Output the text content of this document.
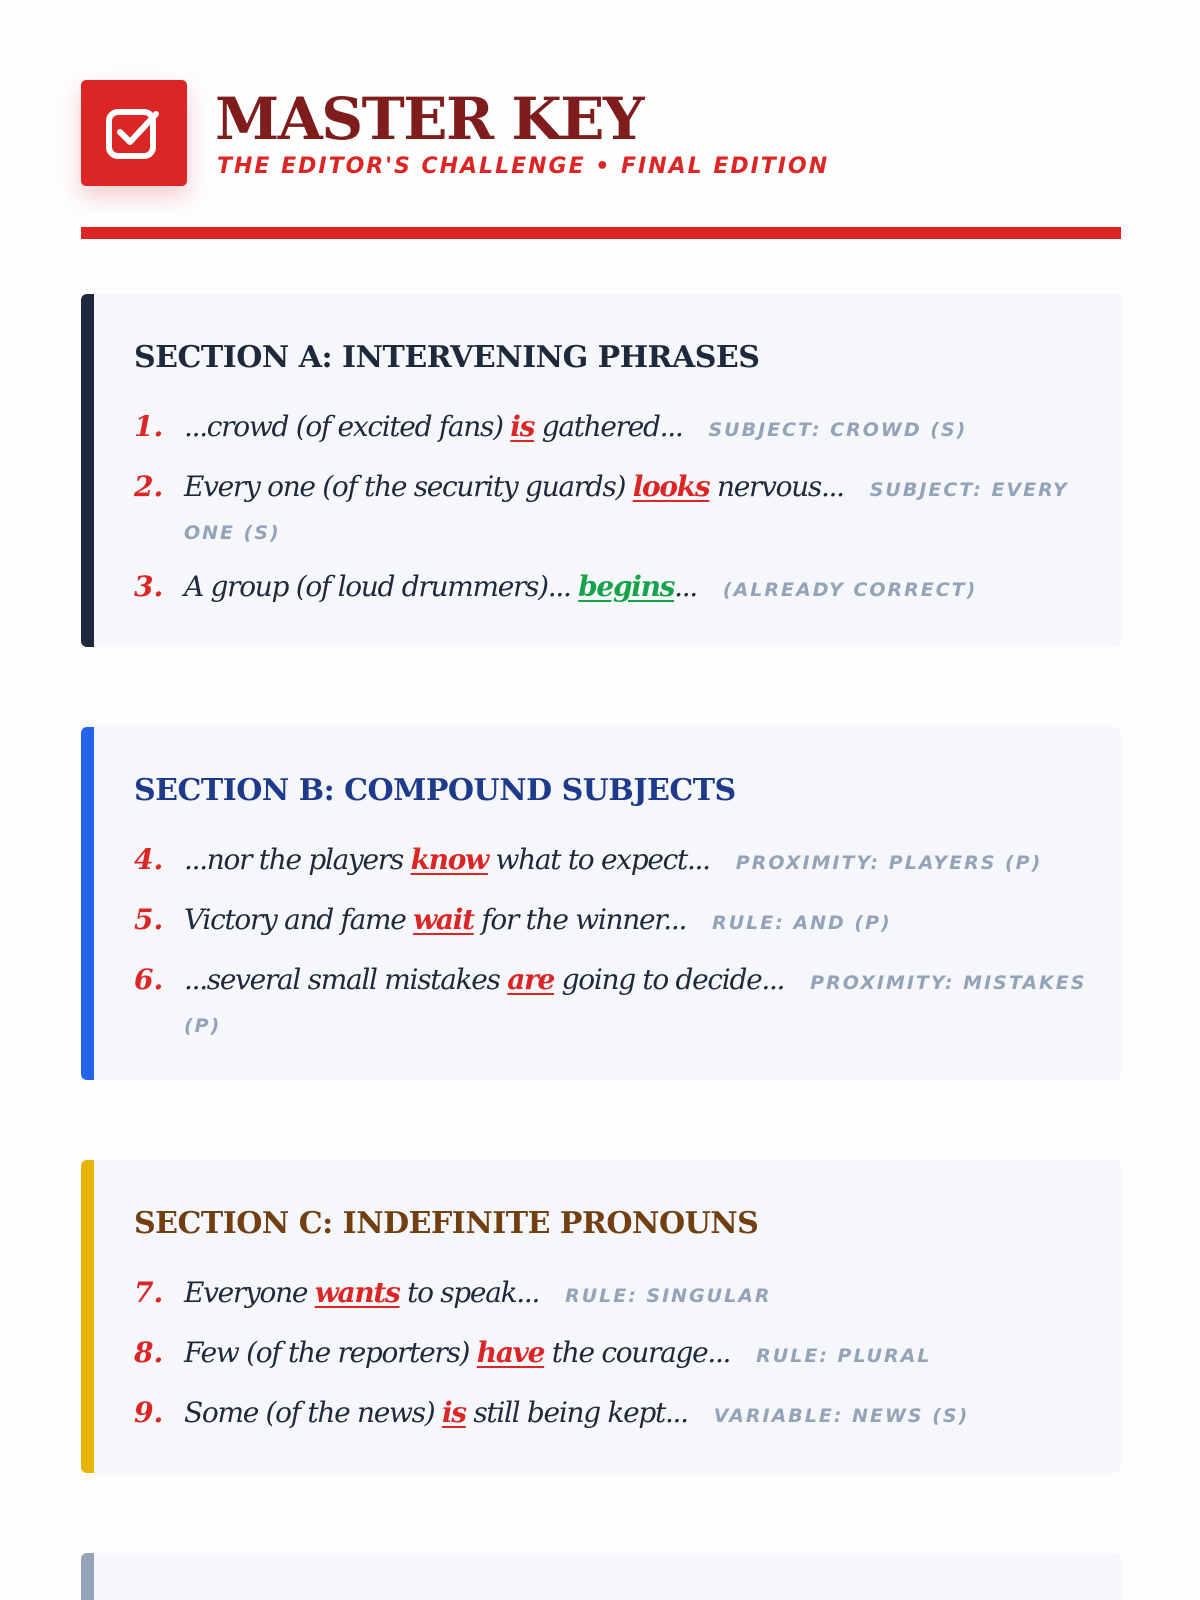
MASTER KEY
THE EDITOR'S CHALLENGE • FINAL EDITION
SECTION A: INTERVENING PHRASES
1. ...crowd (of excited fans) is gathered... SUBJECT: CROWD (S)
2. Every one (of the security guards) looks nervous... SUBJECT: EVERY ONE (S)
3. A group (of loud drummers)... begins... (ALREADY CORRECT)
SECTION B: COMPOUND SUBJECTS
4. ...nor the players know what to expect... PROXIMITY: PLAYERS (P)
5. Victory and fame wait for the winner... RULE: AND (P)
6. ...several small mistakes are going to decide... PROXIMITY: MISTAKES (P)
SECTION C: INDEFINITE PRONOUNS
7. Everyone wants to speak... RULE: SINGULAR
8. Few (of the reporters) have the courage... RULE: PLURAL
9. Some (of the news) is still being kept... VARIABLE: NEWS (S)
